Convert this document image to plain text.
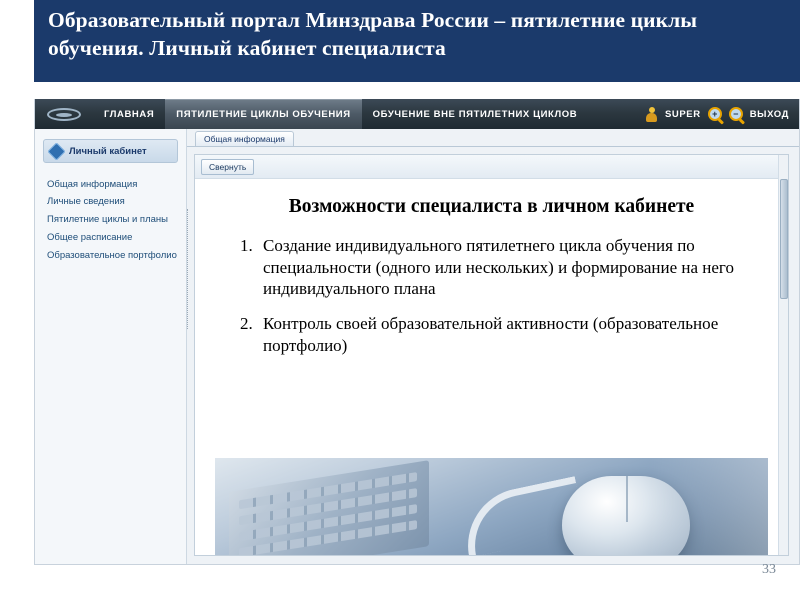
Образовательный портал Минздрава России – пятилетние циклы обучения. Личный кабинет специалиста
ГЛАВНАЯ	ПЯТИЛЕТНИЕ ЦИКЛЫ ОБУЧЕНИЯ	ОБУЧЕНИЕ ВНЕ ПЯТИЛЕТНИХ ЦИКЛОВ	SUPER + − ВЫХОД
Личный кабинет
Общая информация
Личные сведения
Пятилетние циклы и планы
Общее расписание
Образовательное портфолио
Общая информация
Свернуть
Возможности специалиста в личном кабинете
1. Создание индивидуального пятилетнего цикла обучения по специальности (одного или нескольких) и формирование на него индивидуального плана
2. Контроль своей образовательной активности (образовательное портфолио)
33
